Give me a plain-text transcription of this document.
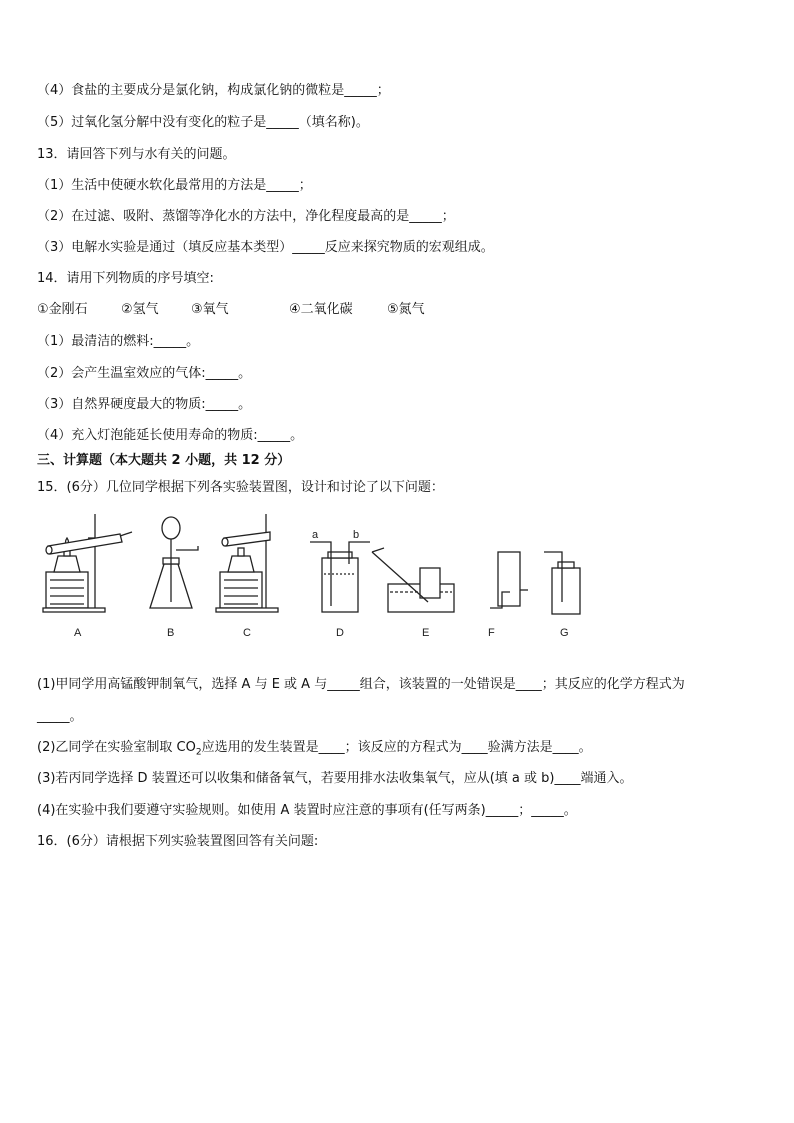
（4）食盐的主要成分是氯化钠，构成氯化钠的微粒是_____；
（5）过氧化氢分解中没有变化的粒子是_____（填名称)。
13．请回答下列与水有关的问题。
（1）生活中使硬水软化最常用的方法是_____；
（2）在过滤、吸附、蒸馏等净化水的方法中，净化程度最高的是_____；
（3）电解水实验是通过（填反应基本类型）_____反应来探究物质的宏观组成。
14．请用下列物质的序号填空:
①金刚石	②氢气 ③氧气	④二氧化碳	⑤氮气
（1）最清洁的燃料:_____。
（2）会产生温室效应的气体:_____。
（3）自然界硬度最大的物质:_____。
（4）充入灯泡能延长使用寿命的物质:_____。
三、计算题（本大题共 2 小题，共 12 分）
15．(6分）几位同学根据下列各实验装置图，设计和讨论了以下问题：
A	B	C
a	b
D	E	F	G
(1)甲同学用高锰酸钾制氧气，选择 A 与 E 或 A 与_____组合，该装置的一处错误是____；其反应的化学方程式为
_____。
(2)乙同学在实验室制取 $CO_2$应选用的发生装置是____；该反应的方程式为____验满方法是____。
(3)若丙同学选择 D 装置还可以收集和储备氧气，若要用排水法收集氧气，应从(填 a 或 b)____端通入。
(4)在实验中我们要遵守实验规则。如使用 A 装置时应注意的事项有(任写两条)_____；_____。
16．(6分）请根据下列实验装置图回答有关问题:
